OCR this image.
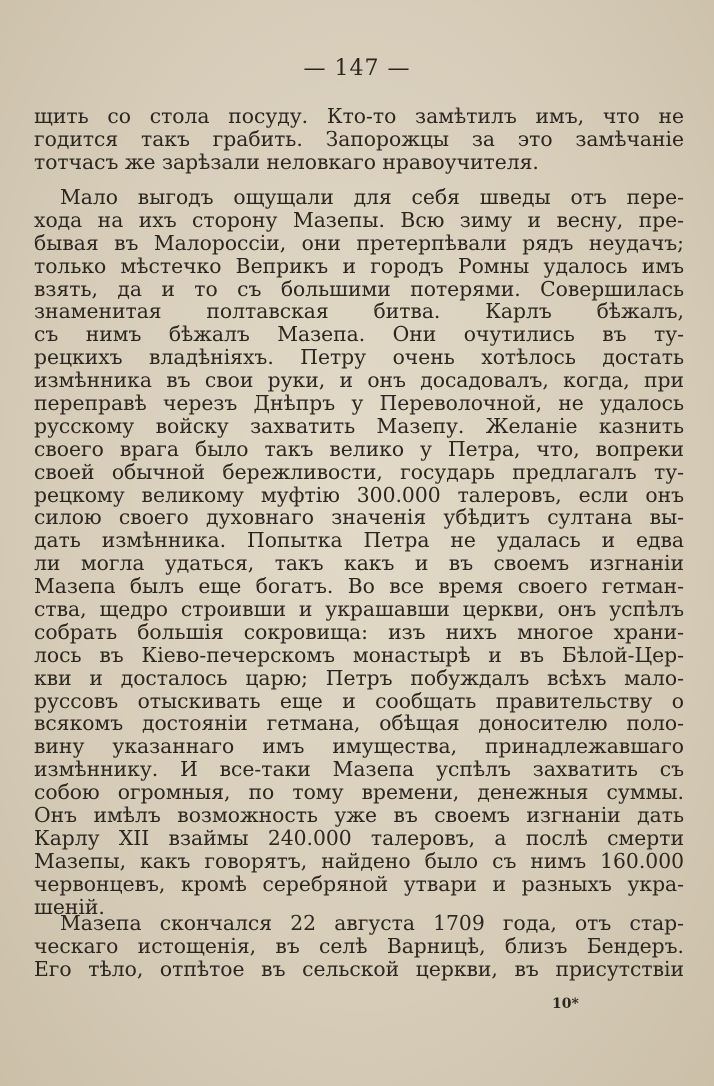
— 147 —
щить со стола посуду. Кто-то замѣтилъ имъ, что не
годится такъ грабить. Запорожцы за это замѣчаніе
тотчасъ же зарѣзали неловкаго нравоучителя.
Мало выгодъ ощущали для себя шведы отъ пере-
хода на ихъ сторону Мазепы. Всю зиму и весну, пре-
бывая въ Малороссіи, они претерпѣвали рядъ неудачъ;
только мѣстечко Веприкъ и городъ Ромны удалось имъ
взять, да и то съ большими потерями. Совершилась
знаменитая полтавская битва. Карлъ бѣжалъ,
съ нимъ бѣжалъ Мазепа. Они очутились въ ту-
рецкихъ владѣніяхъ. Петру очень хотѣлось достать
измѣнника въ свои руки, и онъ досадовалъ, когда, при
переправѣ черезъ Днѣпръ у Переволочной, не удалось
русскому войску захватить Мазепу. Желаніе казнить
своего врага было такъ велико у Петра, что, вопреки
своей обычной бережливости, государь предлагалъ ту-
рецкому великому муфтію 300.000 талеровъ, если онъ
силою своего духовнаго значенія убѣдитъ султана вы-
дать измѣнника. Попытка Петра не удалась и едва
ли могла удаться, такъ какъ и въ своемъ изгнаніи
Мазепа былъ еще богатъ. Во все время своего гетман-
ства, щедро строивши и украшавши церкви, онъ успѣлъ
собрать большія сокровища: изъ нихъ многое храни-
лось въ Кіево-печерскомъ монастырѣ и въ Бѣлой-Цер-
кви и досталось царю; Петръ побуждалъ всѣхъ мало-
руссовъ отыскивать еще и сообщать правительству о
всякомъ достояніи гетмана, обѣщая доносителю поло-
вину указаннаго имъ имущества, принадлежавшаго
измѣннику. И все-таки Мазепа успѣлъ захватить съ
собою огромныя, по тому времени, денежныя суммы.
Онъ имѣлъ возможность уже въ своемъ изгнаніи дать
Карлу XII взаймы 240.000 талеровъ, а послѣ смерти
Мазепы, какъ говорятъ, найдено было съ нимъ 160.000
червонцевъ, кромѣ серебряной утвари и разныхъ укра-
шеній.
Мазепа скончался 22 августа 1709 года, отъ стар-
ческаго истощенія, въ селѣ Варницѣ, близъ Бендеръ.
Его тѣло, отпѣтое въ сельской церкви, въ присутствіи
10*
